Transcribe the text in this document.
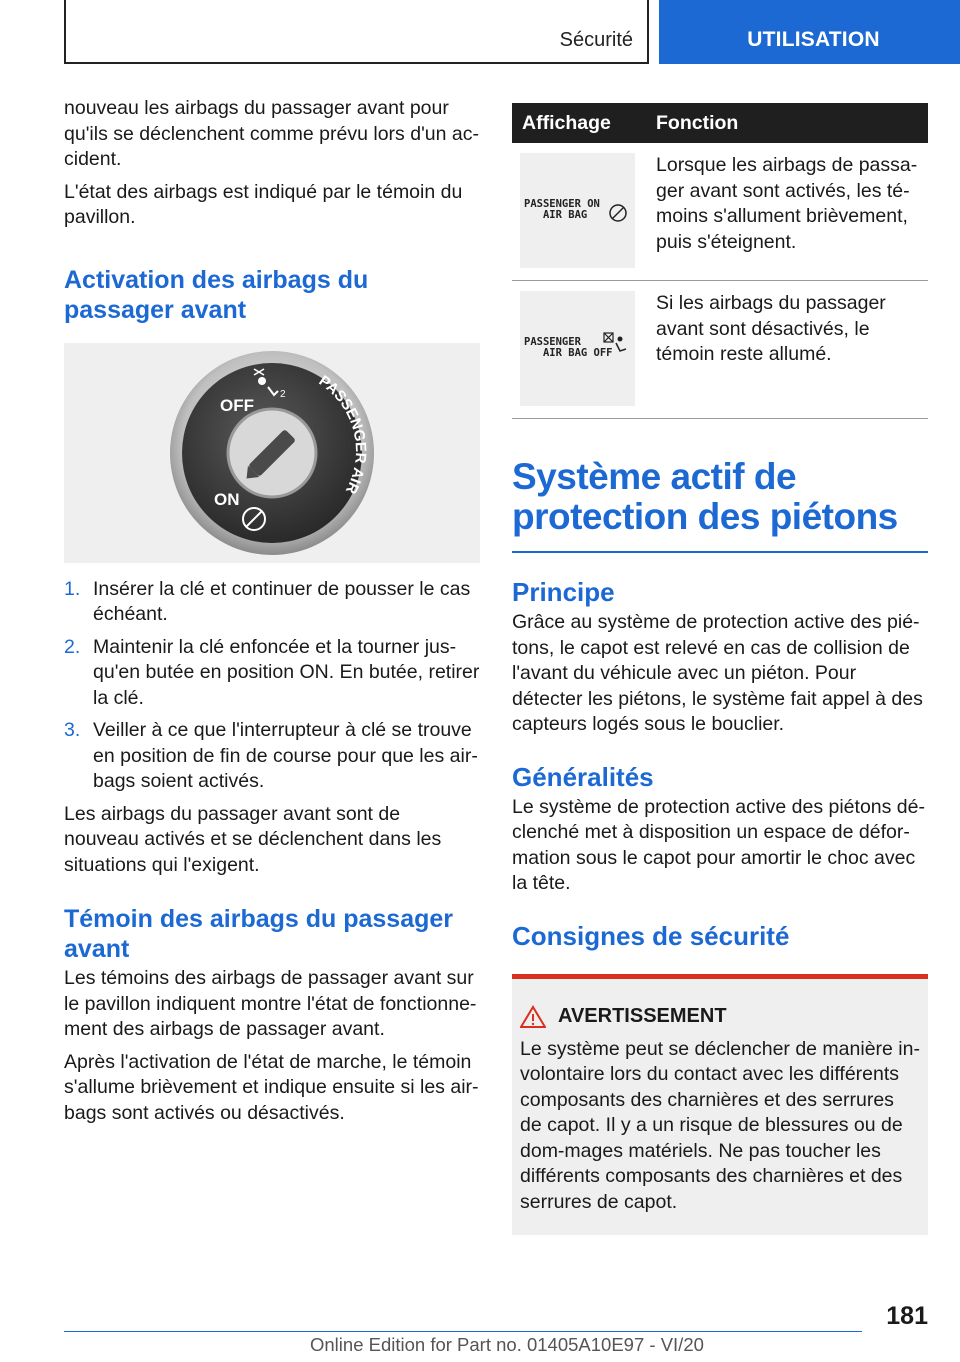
Sécurité	UTILISATION

nouveau les airbags du passager avant pour qu'ils se déclenchent comme prévu lors d'un ac-cident.

L'état des airbags est indiqué par le témoin du pavillon.

Activation des airbags du passager avant
OFF
ON
PASSENGER AIR
2
1. Insérer la clé et continuer de pousser le cas échéant.
2. Maintenir la clé enfoncée et la tourner jus-qu'en butée en position ON. En butée, retirer la clé.
3. Veiller à ce que l'interrupteur à clé se trouve en position de fin de course pour que les air-bags soient activés.

Les airbags du passager avant sont de nouveau activés et se déclenchent dans les situations qui l'exigent.

Témoin des airbags du passager avant

Les témoins des airbags de passager avant sur le pavillon indiquent montre l'état de fonctionne-ment des airbags de passager avant.

Après l'activation de l'état de marche, le témoin s'allume brièvement et indique ensuite si les air-bags sont activés ou désactivés.

Affichage	Fonction

PASSENGER ON
AIR BAG	Lorsque les airbags de passa-ger avant sont activés, les té-moins s'allument brièvement, puis s'éteignent.

PASSENGER
AIR BAG OFF	Si les airbags du passager avant sont désactivés, le témoin reste allumé.
Système actif de protection des piétons
Principe

Grâce au système de protection active des pié-tons, le capot est relevé en cas de collision de l'avant du véhicule avec un piéton. Pour détecter les piétons, le système fait appel à des capteurs logés sous le bouclier.

Généralités

Le système de protection active des piétons dé-clenché met à disposition un espace de défor-mation sous le capot pour amortir le choc avec la tête.

Consignes de sécurité
AVERTISSEMENT

Le système peut se déclencher de manière in-volontaire lors du contact avec les différents composants des charnières et des serrures de capot. Il y a un risque de blessures ou de dom-mages matériels. Ne pas toucher les différents composants des charnières et des serrures de capot.

181
Online Edition for Part no. 01405A10E97 - VI/20
